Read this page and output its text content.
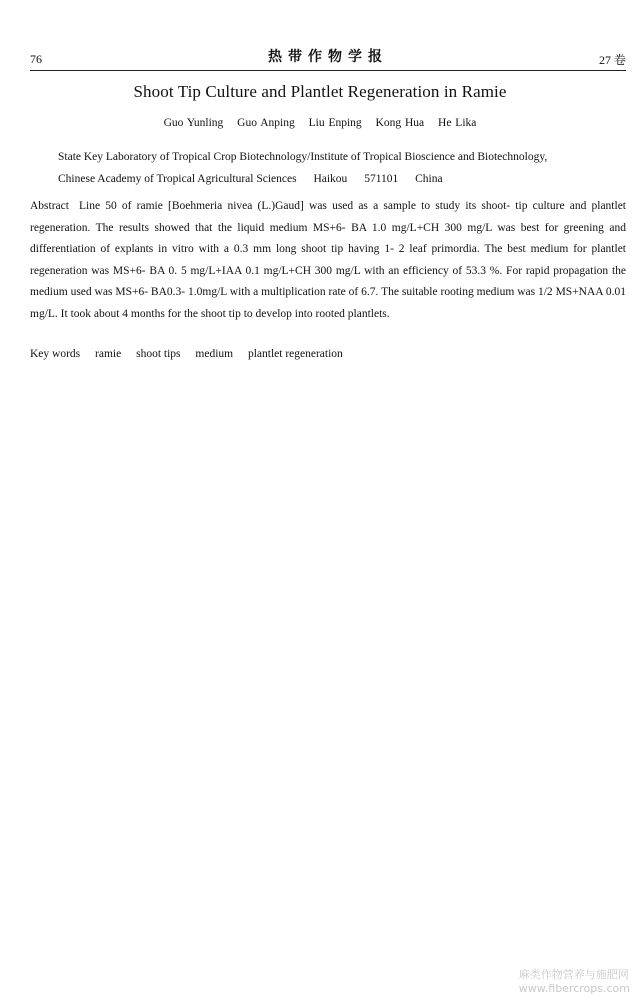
76	热带作物学报	27 卷
Shoot Tip Culture and Plantlet Regeneration in Ramie
Guo Yunling Guo Anping Liu Enping Kong Hua He Lika
State Key Laboratory of Tropical Crop Biotechnology/Institute of Tropical Bioscience and Biotechnology,
Chinese Academy of Tropical Agricultural Sciences Haikou 571101 China
Abstract Line 50 of ramie [Boehmeria nivea (L.)Gaud] was used as a sample to study its shoot- tip culture and plantlet regeneration. The results showed that the liquid medium MS+6- BA 1.0 mg/L+CH 300 mg/L was best for greening and differentiation of explants in vitro with a 0.3 mm long shoot tip having 1- 2 leaf primordia. The best medium for plantlet regeneration was MS+6- BA 0. 5 mg/L+IAA 0.1 mg/L+CH 300 mg/L with an efficiency of 53.3 %. For rapid propagation the medium used was MS+6- BA0.3- 1.0mg/L with a multiplication rate of 6.7. The suitable rooting medium was 1/2 MS+NAA 0.01 mg/L. It took about 4 months for the shoot tip to develop into rooted plantlets.
Key words ramie shoot tips medium plantlet regeneration
麻类作物营养与施肥网
www.fibercrops.com
